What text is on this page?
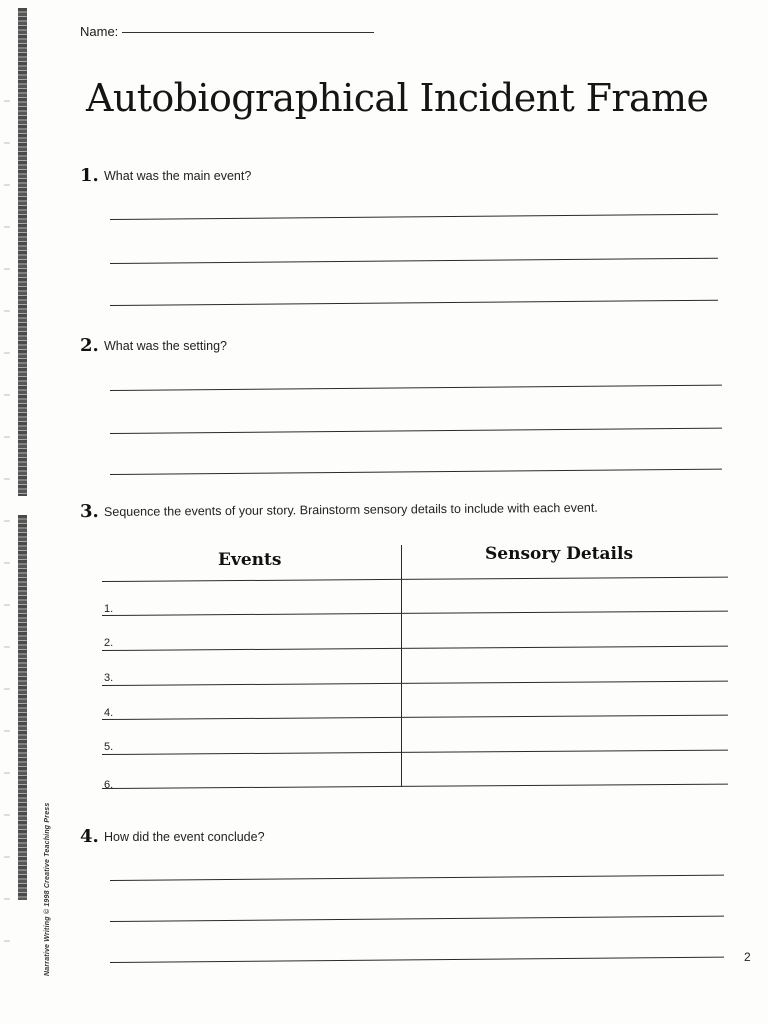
Narrative Writing © 1998 Creative Teaching Press
Name:
Autobiographical Incident Frame
1. What was the main event?
2. What was the setting?
3. Sequence the events of your story. Brainstorm sensory details to include with each event.
Events	Sensory Details
1.
2.
3.
4.
5.
6.
4. How did the event conclude?
2
